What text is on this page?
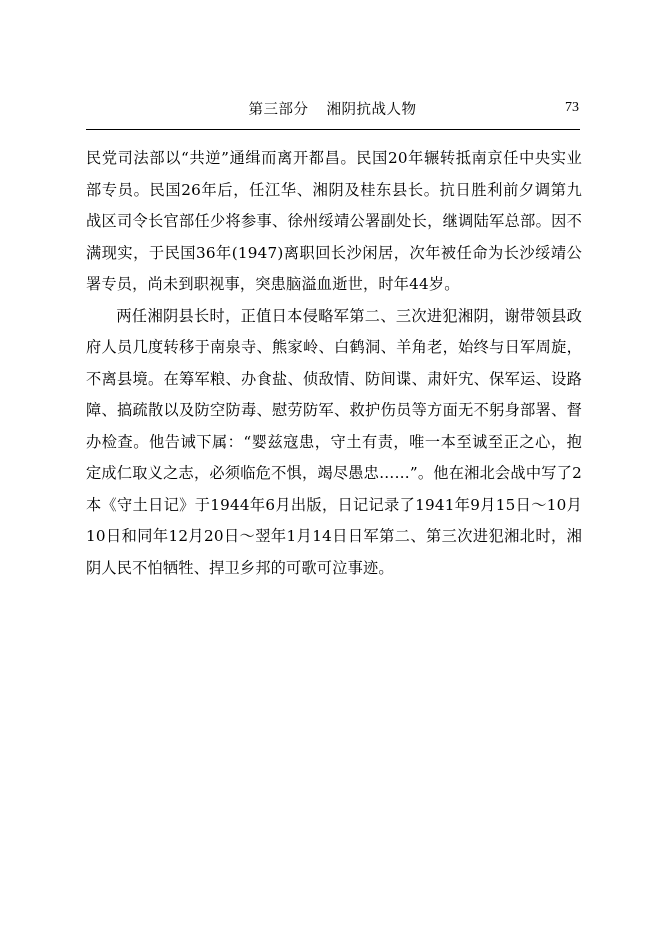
第三部分 湘阴抗战人物	73

民党司法部以“共逆”通缉而离开都昌。民国20年辗转抵南京任中央实业部专员。民国26年后，任江华、湘阴及桂东县长。抗日胜利前夕调第九战区司令长官部任少将参事、徐州绥靖公署副处长，继调陆军总部。因不满现实，于民国36年(1947)离职回长沙闲居，次年被任命为长沙绥靖公署专员，尚未到职视事，突患脑溢血逝世，时年44岁。

两任湘阴县长时，正值日本侵略军第二、三次进犯湘阴，谢带领县政府人员几度转移于南泉寺、熊家岭、白鹤洞、羊角老，始终与日军周旋，不离县境。在筹军粮、办食盐、侦敌情、防间谍、肃奸宄、保军运、设路障、搞疏散以及防空防毒、慰劳防军、救护伤员等方面无不躬身部署、督办检查。他告诫下属：“婴兹寇患，守土有责，唯一本至诚至正之心，抱定成仁取义之志，必须临危不惧，竭尽愚忠……”。他在湘北会战中写了2本《守土日记》于1944年6月出版，日记记录了1941年9月15日～10月10日和同年12月20日～翌年1月14日日军第二、第三次进犯湘北时，湘阴人民不怕牺牲、捍卫乡邦的可歌可泣事迹。
